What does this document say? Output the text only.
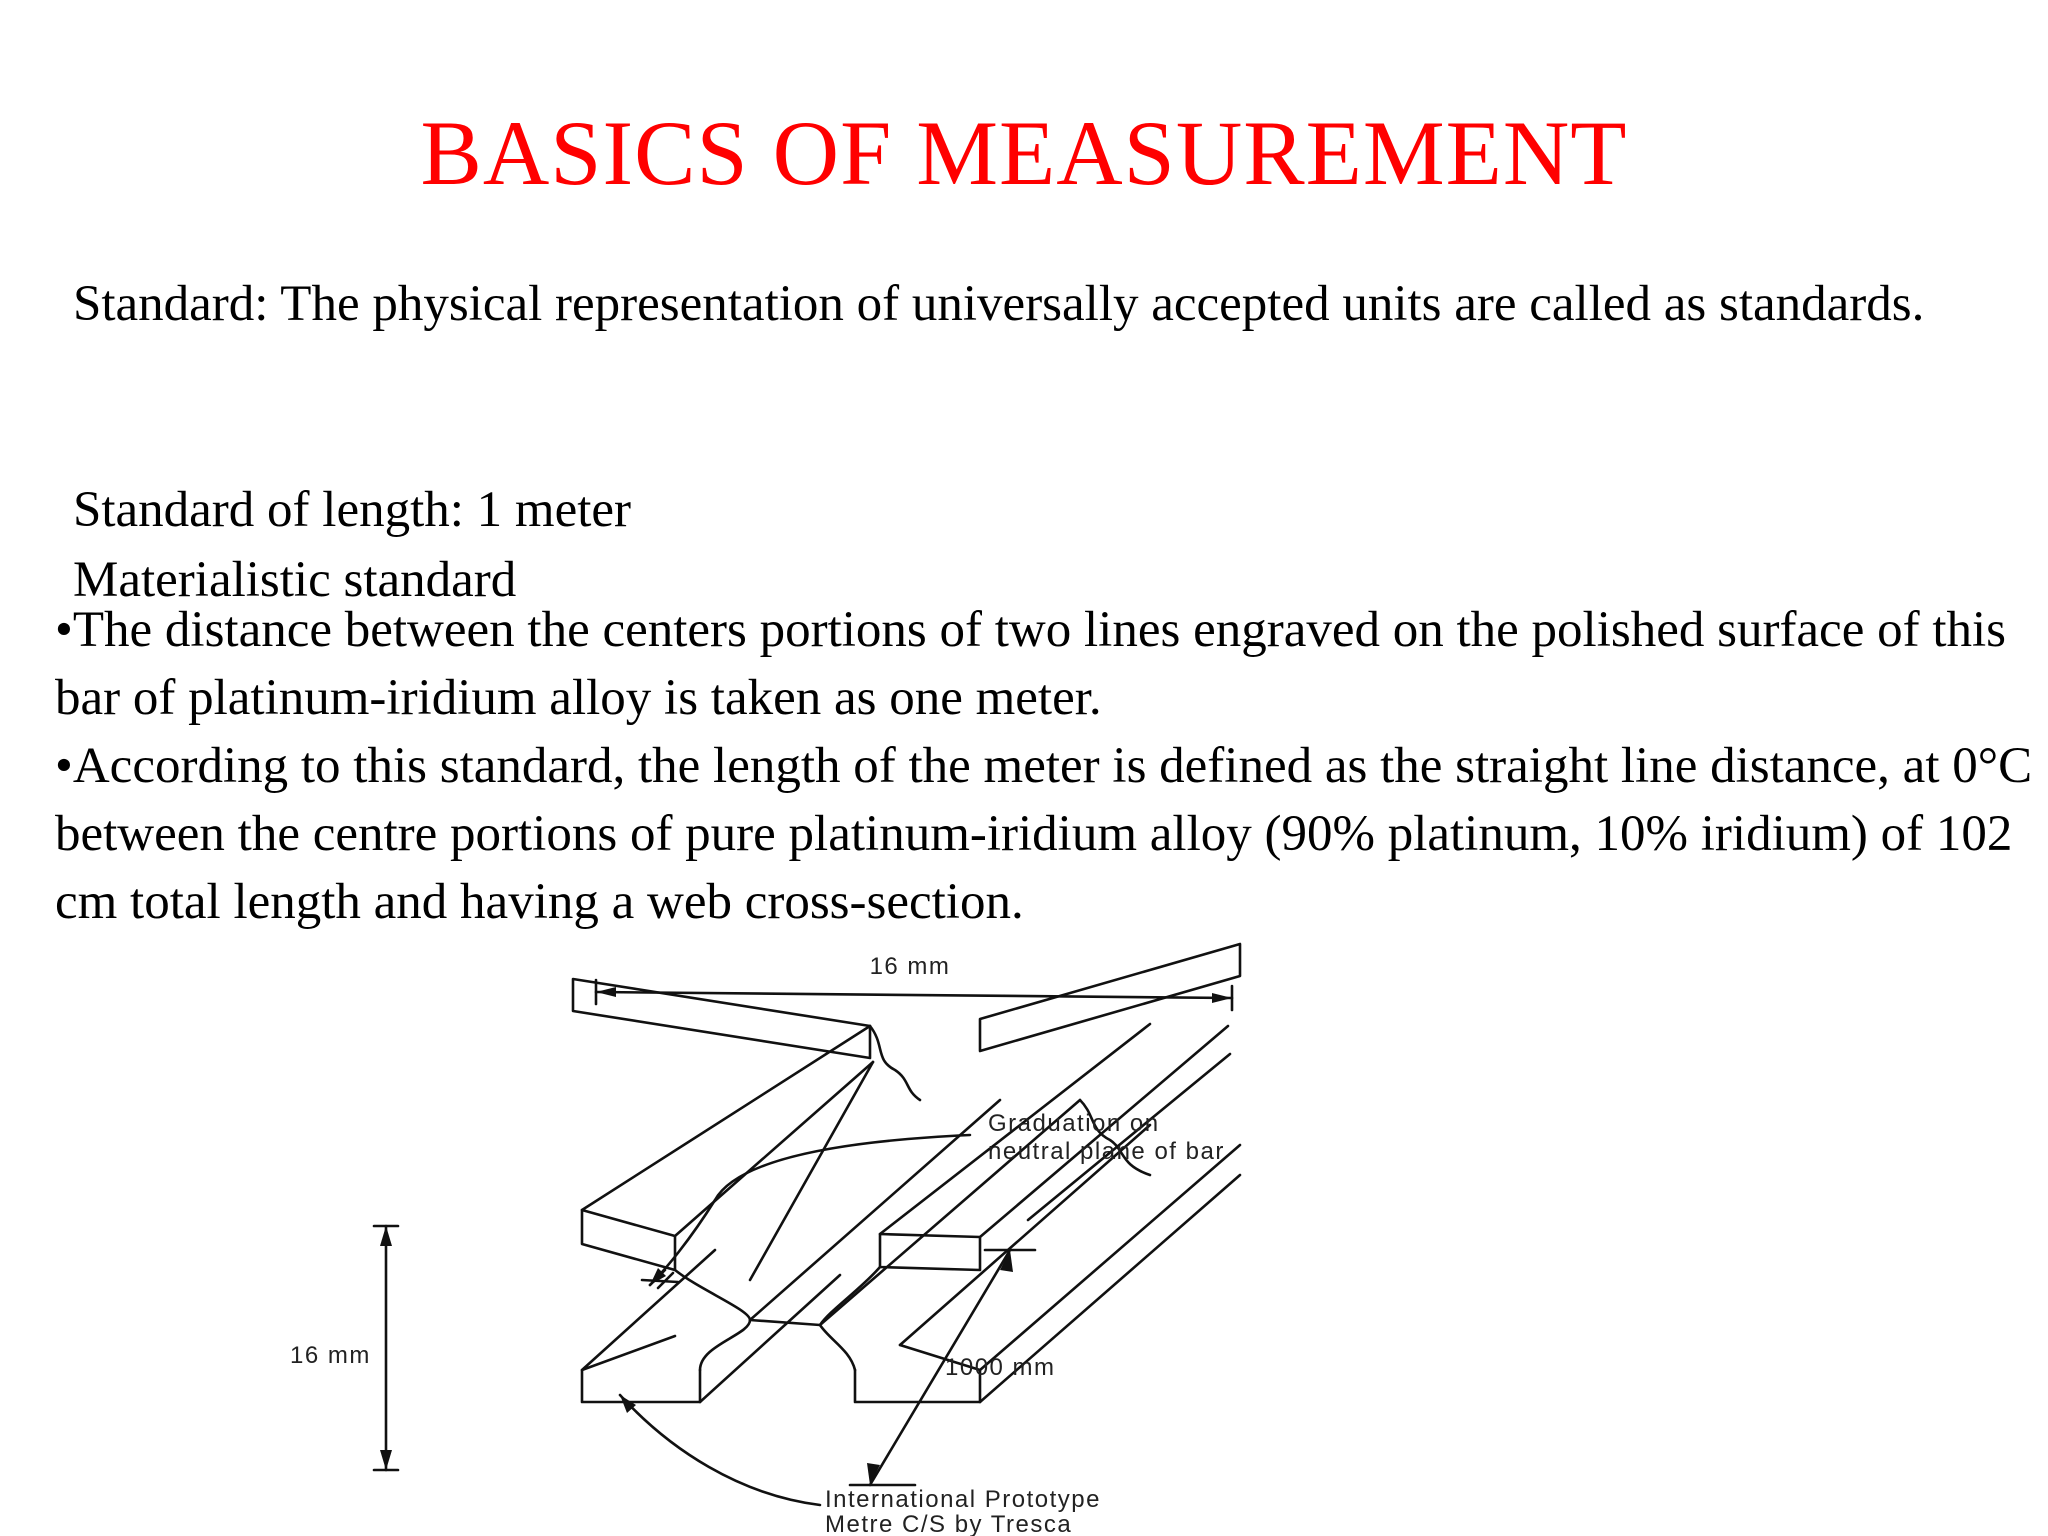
BASICS OF MEASUREMENT

Standard: The physical representation of universally accepted units are called as standards.

Standard of length: 1 meter

Materialistic standard

•The distance between the centers portions of two lines engraved on the polished surface of this bar of platinum-iridium alloy is taken as one meter.
•According to this standard, the length of the meter is defined as the straight line distance, at 0°C between the centre portions of pure platinum-iridium alloy (90% platinum, 10% iridium) of 102 cm total length and having a web cross-section.
16 mm
16 mm	1000 mm
Graduation on
neutral plane of bar
International Prototype
Metre C/S by Tresca
